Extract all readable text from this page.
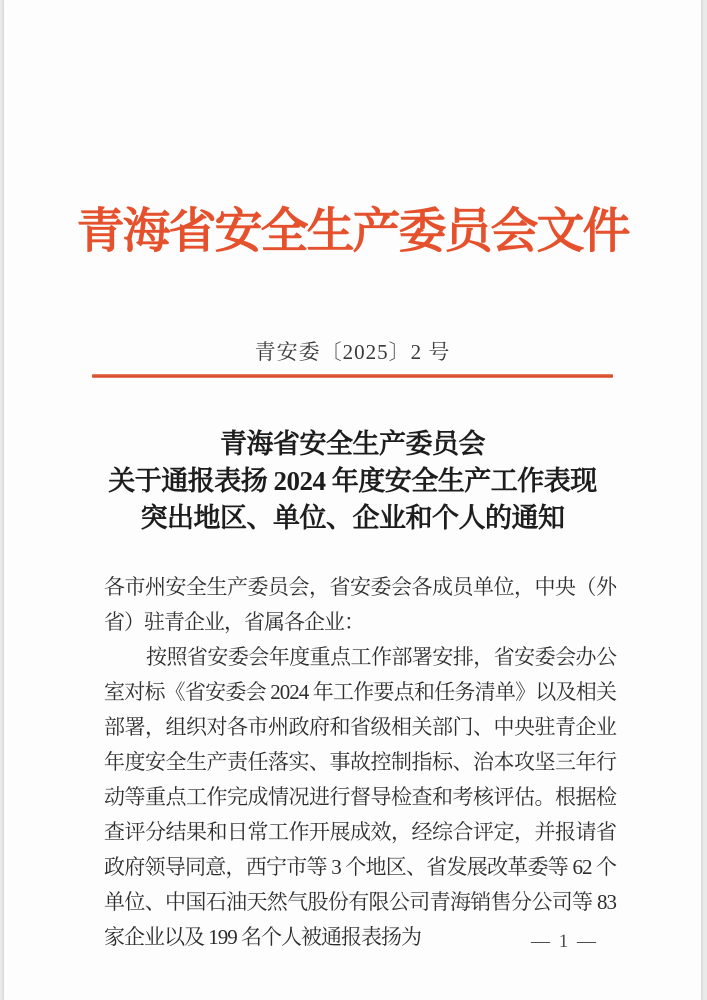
青海省安全生产委员会文件
青安委〔2025〕2 号
青海省安全生产委员会
关于通报表扬 2024 年度安全生产工作表现
突出地区、单位、企业和个人的通知

各市州安全生产委员会，省安委会各成员单位，中央（外省）驻青企业，省属各企业：

按照省安委会年度重点工作部署安排，省安委会办公室对标《省安委会 2024 年工作要点和任务清单》以及相关部署，组织对各市州政府和省级相关部门、中央驻青企业年度安全生产责任落实、事故控制指标、治本攻坚三年行动等重点工作完成情况进行督导检查和考核评估。根据检查评分结果和日常工作开展成效，经综合评定，并报请省政府领导同意，西宁市等 3 个地区、省发展改革委等 62 个单位、中国石油天然气股份有限公司青海销售分公司等 83 家企业以及 199 名个人被通报表扬为	— 1 —
